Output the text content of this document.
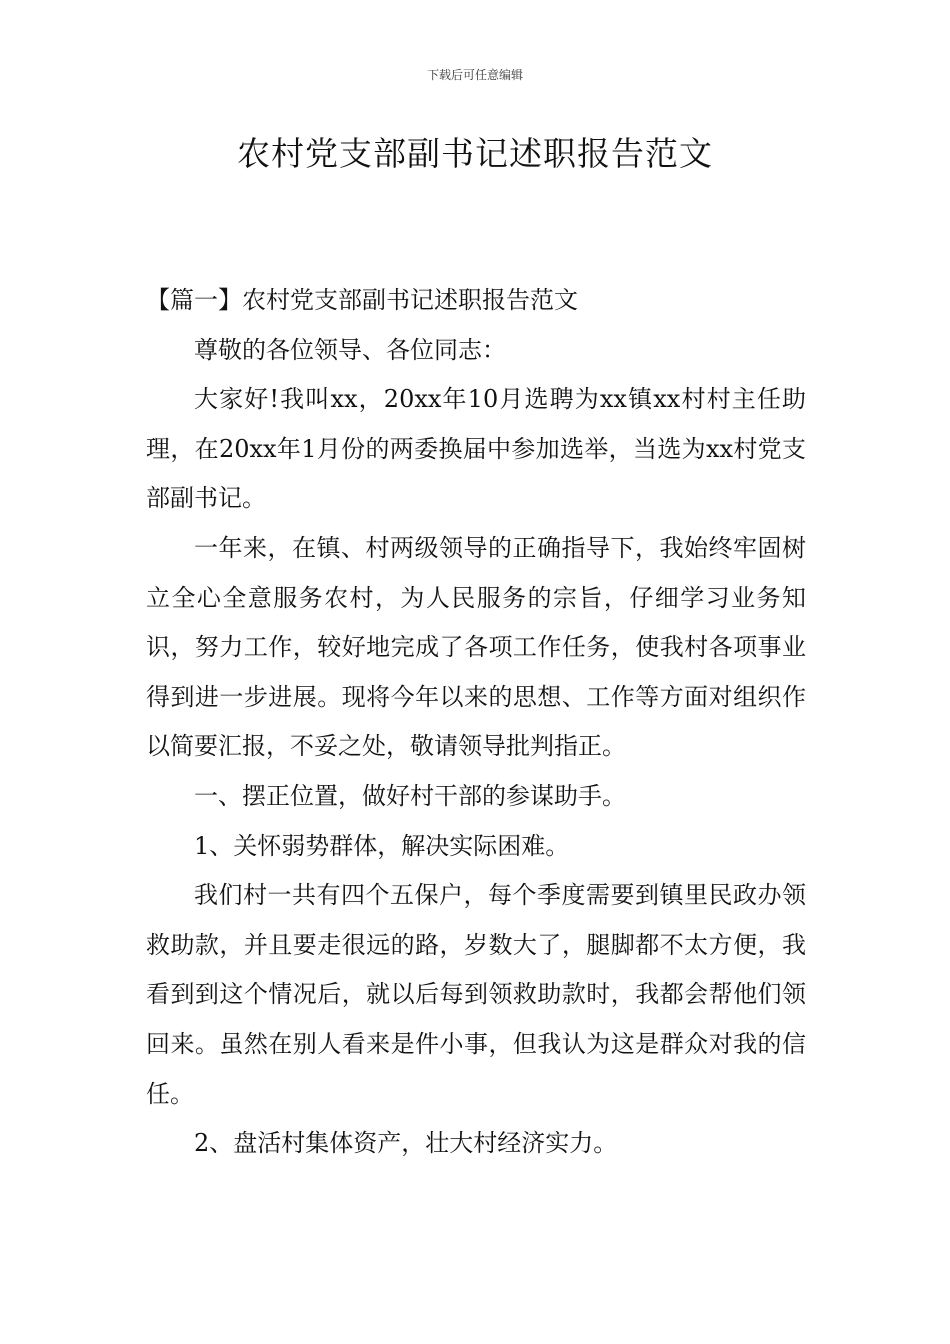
下载后可任意编辑
农村党支部副书记述职报告范文

【篇一】农村党支部副书记述职报告范文

尊敬的各位领导、各位同志：

大家好!我叫xx，20xx年10月选聘为xx镇xx村村主任助理，在20xx年1月份的两委换届中参加选举，当选为xx村党支部副书记。

一年来，在镇、村两级领导的正确指导下，我始终牢固树立全心全意服务农村，为人民服务的宗旨，仔细学习业务知识，努力工作，较好地完成了各项工作任务，使我村各项事业得到进一步进展。现将今年以来的思想、工作等方面对组织作以简要汇报，不妥之处，敬请领导批判指正。

一、摆正位置，做好村干部的参谋助手。

1、关怀弱势群体，解决实际困难。

我们村一共有四个五保户，每个季度需要到镇里民政办领救助款，并且要走很远的路，岁数大了，腿脚都不太方便，我看到到这个情况后，就以后每到领救助款时，我都会帮他们领回来。虽然在别人看来是件小事，但我认为这是群众对我的信任。

2、盘活村集体资产，壮大村经济实力。
